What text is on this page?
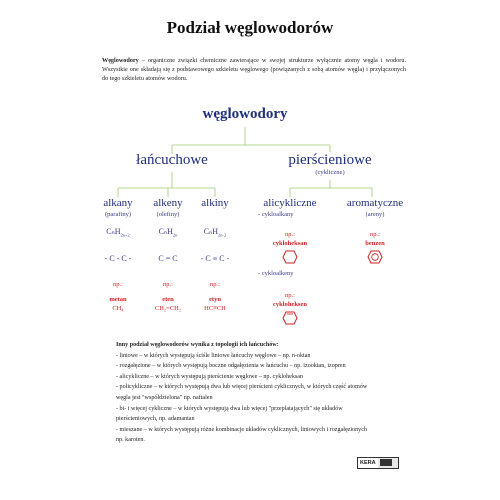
Podział węglowodorów
Węglowodory – organiczne związki chemiczne zawierające w swojej strukturze wyłącznie atomy węgla i wodoru. Wszystkie one składają się z podstawowego szkieletu węglowego (powiązanych z sobą atomów węgla) i przyłączonych do tego szkieletu atomów wodoru.
węglowodory
łańcuchowe	pierścieniowe
(cykliczne)
alkany
(parafiny)
CₙH$_{2n+2}$
- C - C -
np.:
metan
CH₄
alkeny
(olefiny)
CₙH$_{2n}$
C = C
np.:
eten
CH₂=CH₂
alkiny
CₙH$_{2n-2}$
- C ≡ C -
np.:
etyn
HC≡CH
alicykliczne
- cykloalkany
np.:
cykloheksan
- cykloalkeny
np.:
cykloheksen
aromatyczne
(areny)
np.:
benzen
Inny podział węglowodorów wynika z topologii ich łańcuchów:
- liniowe – w których występują ściśle liniowe łańcuchy węglowe – np. n-oktan
- rozgałęzione – w których występują boczne odgałęzienia w łańcuchu – np. izooktan, izopren
- alicykliczne – w których występują pierścienie węglowe – np. cykloheksan
- policykliczne – w których występują dwa lub więcej pierścieni cyklicznych, w których część atomów
węgla jest "współdzielona" np. naftalen
- bi- i więcej cykliczne – w których występują dwa lub więcej "przeplatających" się układów
pierścieniowych, np. adamantan
- mieszane – w których występują różne kombinacje układów cyklicznych, liniowych i rozgałęzionych
np. karoten.
KERA
